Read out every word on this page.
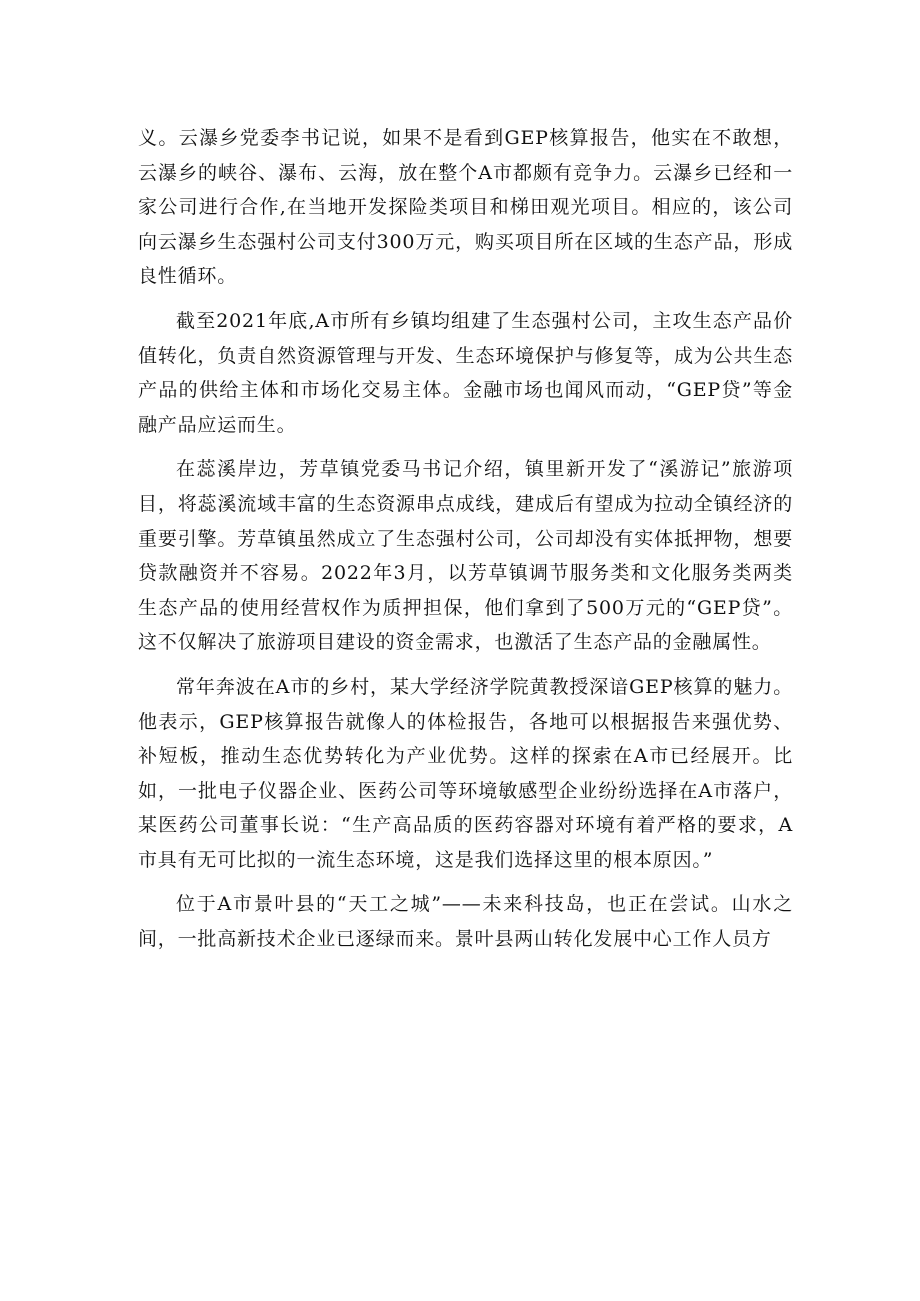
义。云瀑乡党委李书记说，如果不是看到GEP核算报告，他实在不敢想，云瀑乡的峡谷、瀑布、云海，放在整个A市都颇有竞争力。云瀑乡已经和一家公司进行合作,在当地开发探险类项目和梯田观光项目。相应的，该公司向云瀑乡生态强村公司支付300万元，购买项目所在区域的生态产品，形成良性循环。

截至2021年底,A市所有乡镇均组建了生态强村公司，主攻生态产品价值转化，负责自然资源管理与开发、生态环境保护与修复等，成为公共生态产品的供给主体和市场化交易主体。金融市场也闻风而动，“GEP贷”等金融产品应运而生。

在蕊溪岸边，芳草镇党委马书记介绍，镇里新开发了“溪游记”旅游项目，将蕊溪流域丰富的生态资源串点成线，建成后有望成为拉动全镇经济的重要引擎。芳草镇虽然成立了生态强村公司，公司却没有实体抵押物，想要贷款融资并不容易。2022年3月，以芳草镇调节服务类和文化服务类两类生态产品的使用经营权作为质押担保，他们拿到了500万元的“GEP贷”。这不仅解决了旅游项目建设的资金需求，也激活了生态产品的金融属性。

常年奔波在A市的乡村，某大学经济学院黄教授深谙GEP核算的魅力。他表示，GEP核算报告就像人的体检报告，各地可以根据报告来强优势、补短板，推动生态优势转化为产业优势。这样的探索在A市已经展开。比如，一批电子仪器企业、医药公司等环境敏感型企业纷纷选择在A市落户，某医药公司董事长说：“生产高品质的医药容器对环境有着严格的要求，A市具有无可比拟的一流生态环境，这是我们选择这里的根本原因。”

位于A市景叶县的“天工之城”——未来科技岛，也正在尝试。山水之间，一批高新技术企业已逐绿而来。景叶县两山转化发展中心工作人员方
